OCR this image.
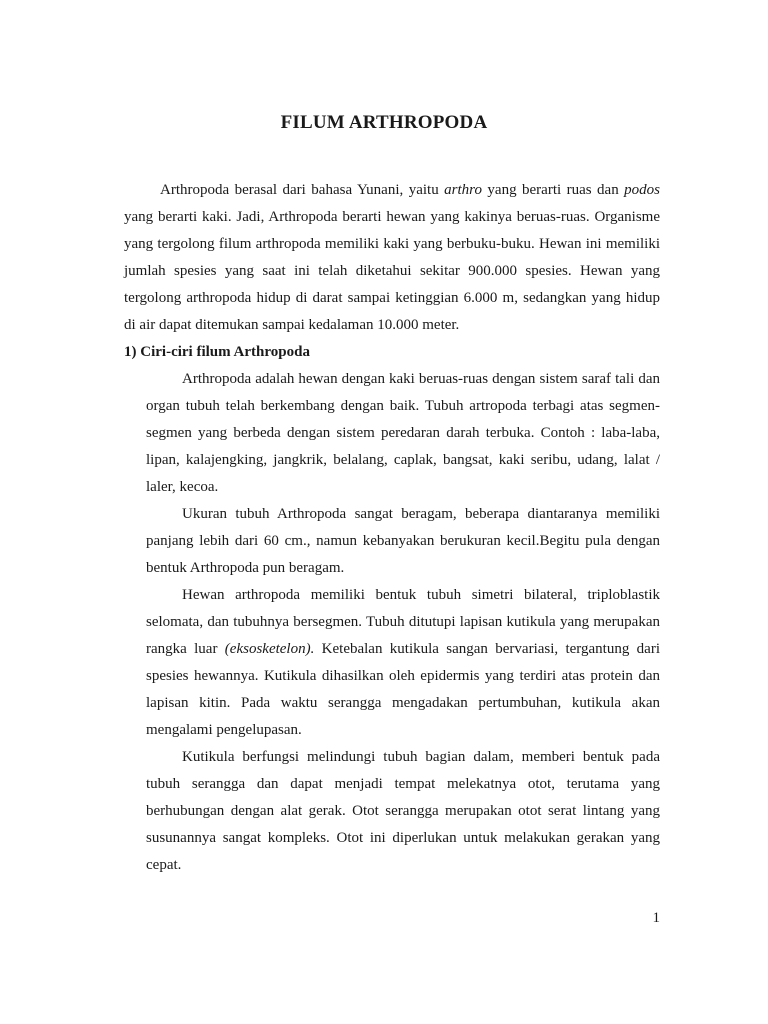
FILUM ARTHROPODA

Arthropoda berasal dari bahasa Yunani, yaitu arthro yang berarti ruas dan podos yang berarti kaki. Jadi, Arthropoda berarti hewan yang kakinya beruas-ruas. Organisme yang tergolong filum arthropoda memiliki kaki yang berbuku-buku. Hewan ini memiliki jumlah spesies yang saat ini telah diketahui sekitar 900.000 spesies. Hewan yang tergolong arthropoda hidup di darat sampai ketinggian 6.000 m, sedangkan yang hidup di air dapat ditemukan sampai kedalaman 10.000 meter.

1) Ciri-ciri filum Arthropoda

Arthropoda adalah hewan dengan kaki beruas-ruas dengan sistem saraf tali dan organ tubuh telah berkembang dengan baik. Tubuh artropoda terbagi atas segmen-segmen yang berbeda dengan sistem peredaran darah terbuka. Contoh : laba-laba, lipan, kalajengking, jangkrik, belalang, caplak, bangsat, kaki seribu, udang, lalat / laler, kecoa.

Ukuran tubuh Arthropoda sangat beragam, beberapa diantaranya memiliki panjang lebih dari 60 cm., namun kebanyakan berukuran kecil.Begitu pula dengan bentuk Arthropoda pun beragam.

Hewan arthropoda memiliki bentuk tubuh simetri bilateral, triploblastik selomata, dan tubuhnya bersegmen. Tubuh ditutupi lapisan kutikula yang merupakan rangka luar (eksosketelon). Ketebalan kutikula sangan bervariasi, tergantung dari spesies hewannya. Kutikula dihasilkan oleh epidermis yang terdiri atas protein dan lapisan kitin. Pada waktu serangga mengadakan pertumbuhan, kutikula akan mengalami pengelupasan.

Kutikula berfungsi melindungi tubuh bagian dalam, memberi bentuk pada tubuh serangga dan dapat menjadi tempat melekatnya otot, terutama yang berhubungan dengan alat gerak. Otot serangga merupakan otot serat lintang yang susunannya sangat kompleks. Otot ini diperlukan untuk melakukan gerakan yang cepat.

1
